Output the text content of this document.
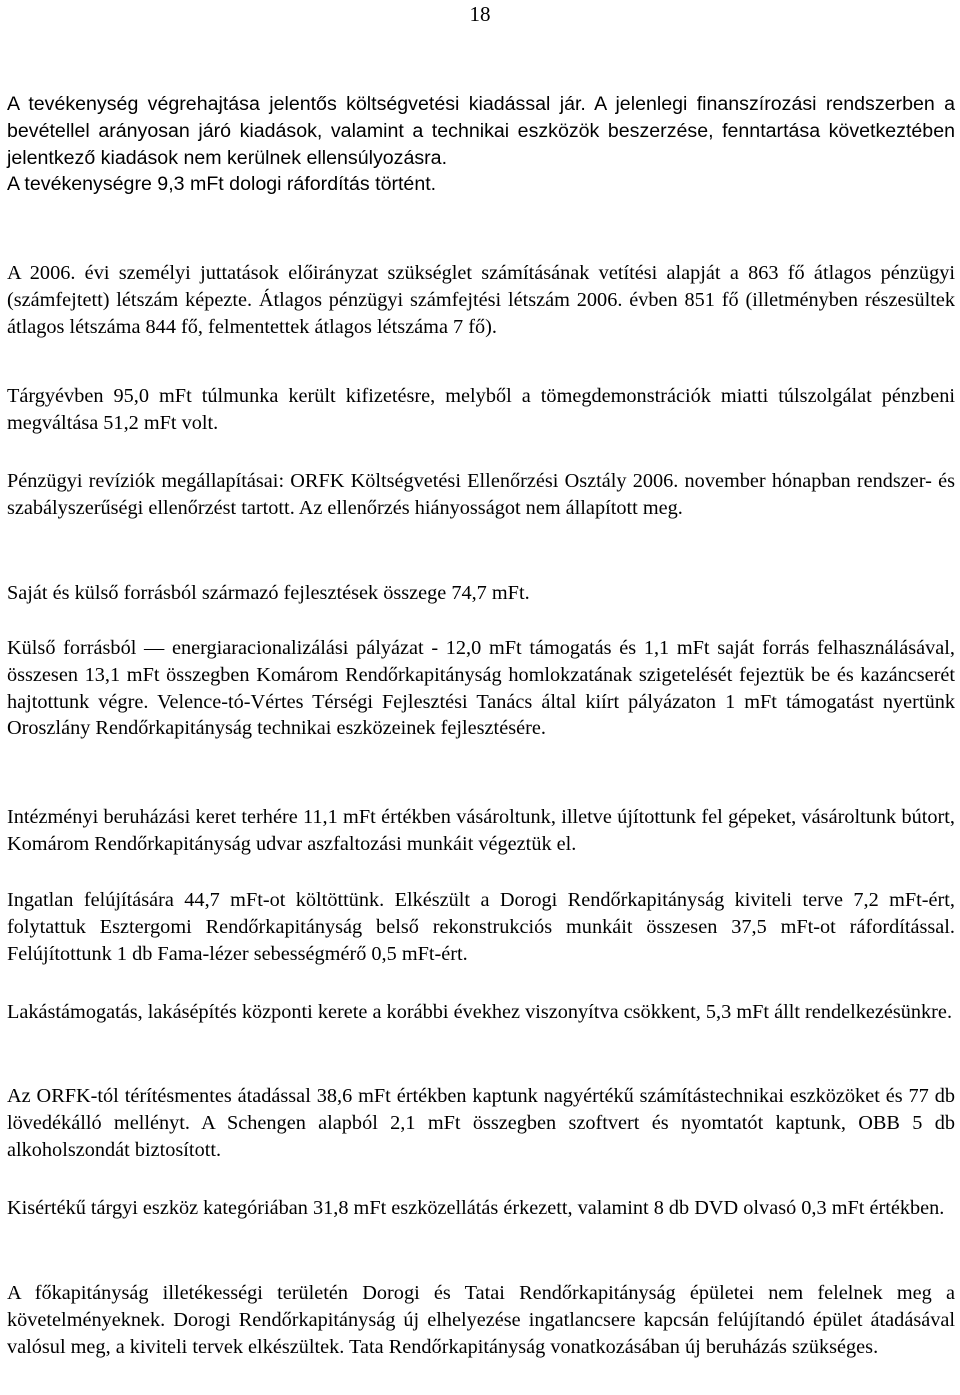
18

A tevékenység végrehajtása jelentős költségvetési kiadással jár. A jelenlegi finanszírozási rendszerben a bevétellel arányosan járó kiadások, valamint a technikai eszközök beszerzése, fenntartása következtében jelentkező kiadások nem kerülnek ellensúlyozásra.

A tevékenységre 9,3 mFt dologi ráfordítás történt.

A 2006. évi személyi juttatások előirányzat szükséglet számításának vetítési alapját a 863 fő átlagos pénzügyi (számfejtett) létszám képezte. Átlagos pénzügyi számfejtési létszám 2006. évben 851 fő (illetményben részesültek átlagos létszáma 844 fő, felmentettek átlagos létszáma 7 fő).
Tárgyévben 95,0 mFt túlmunka került kifizetésre, melyből a tömegdemonstrációk miatti túlszolgálat pénzbeni megváltása 51,2 mFt volt.
Pénzügyi revíziók megállapításai: ORFK Költségvetési Ellenőrzési Osztály 2006. november hónapban rendszer- és szabályszerűségi ellenőrzést tartott. Az ellenőrzés hiányosságot nem állapított meg.
Saját és külső forrásból származó fejlesztések összege 74,7 mFt.
Külső forrásból — energiaracionalizálási pályázat - 12,0 mFt támogatás és 1,1 mFt saját forrás felhasználásával, összesen 13,1 mFt összegben Komárom Rendőrkapitányság homlokzatának szigetelését fejeztük be és kazáncserét hajtottunk végre. Velence-tó-Vértes Térségi Fejlesztési Tanács által kiírt pályázaton 1 mFt támogatást nyertünk Oroszlány Rendőrkapitányság technikai eszközeinek fejlesztésére.
Intézményi beruházási keret terhére 11,1 mFt értékben vásároltunk, illetve újítottunk fel gépeket, vásároltunk bútort, Komárom Rendőrkapitányság udvar aszfaltozási munkáit végeztük el.
Ingatlan felújítására 44,7 mFt-ot költöttünk. Elkészült a Dorogi Rendőrkapitányság kiviteli terve 7,2 mFt-ért, folytattuk Esztergomi Rendőrkapitányság belső rekonstrukciós munkáit összesen 37,5 mFt-ot ráfordítással. Felújítottunk 1 db Fama-lézer sebességmérő 0,5 mFt-ért.
Lakástámogatás, lakásépítés központi kerete a korábbi évekhez viszonyítva csökkent, 5,3 mFt állt rendelkezésünkre.
Az ORFK-tól térítésmentes átadással 38,6 mFt értékben kaptunk nagyértékű számítástechnikai eszközöket és 77 db lövedékálló mellényt. A Schengen alapból 2,1 mFt összegben szoftvert és nyomtatót kaptunk, OBB 5 db alkoholszondát biztosított.
Kisértékű tárgyi eszköz kategóriában 31,8 mFt eszközellátás érkezett, valamint 8 db DVD olvasó 0,3 mFt értékben.
A főkapitányság illetékességi területén Dorogi és Tatai Rendőrkapitányság épületei nem felelnek meg a követelményeknek. Dorogi Rendőrkapitányság új elhelyezése ingatlancsere kapcsán felújítandó épület átadásával valósul meg, a kiviteli tervek elkészültek. Tata Rendőrkapitányság vonatkozásában új beruházás szükséges.
